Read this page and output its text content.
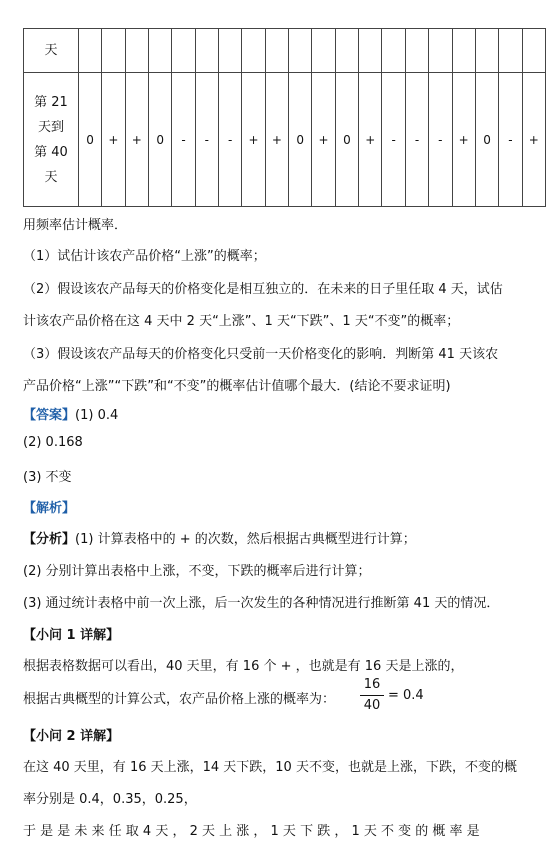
天																				

第 21
天到
第 40
天	0	+	+	0	-	-	-	+	+	0	+	0	+	-	-	-	+	0	-	+
用频率估计概率．
（1）试估计该农产品价格“上涨”的概率；
（2）假设该农产品每天的价格变化是相互独立的．在未来的日子里任取 4 天，试估
计该农产品价格在这 4 天中 2 天“上涨”、1 天“下跌”、1 天“不变”的概率；
（3）假设该农产品每天的价格变化只受前一天价格变化的影响．判断第 41 天该农
产品价格“上涨”“下跌”和“不变”的概率估计值哪个最大．(结论不要求证明)
【答案】(1) 0.4
(2) 0.168
(3) 不变
【解析】
【分析】(1) 计算表格中的 + 的次数，然后根据古典概型进行计算；
(2) 分别计算出表格中上涨，不变，下跌的概率后进行计算；
(3) 通过统计表格中前一次上涨，后一次发生的各种情况进行推断第 41 天的情况．
【小问 1 详解】
根据表格数据可以看出，40 天里，有 16 个 + ，也就是有 16 天是上涨的，
根据古典概型的计算公式，农产品价格上涨的概率为：
16
40
= 0.4
【小问 2 详解】
在这 40 天里，有 16 天上涨，14 天下跌，10 天不变，也就是上涨，下跌，不变的概
率分别是 0.4，0.35，0.25，
于 是 是 未 来 任 取 4 天 ， 2 天 上 涨 ， 1 天 下 跌 ， 1 天 不 变 的 概 率 是
